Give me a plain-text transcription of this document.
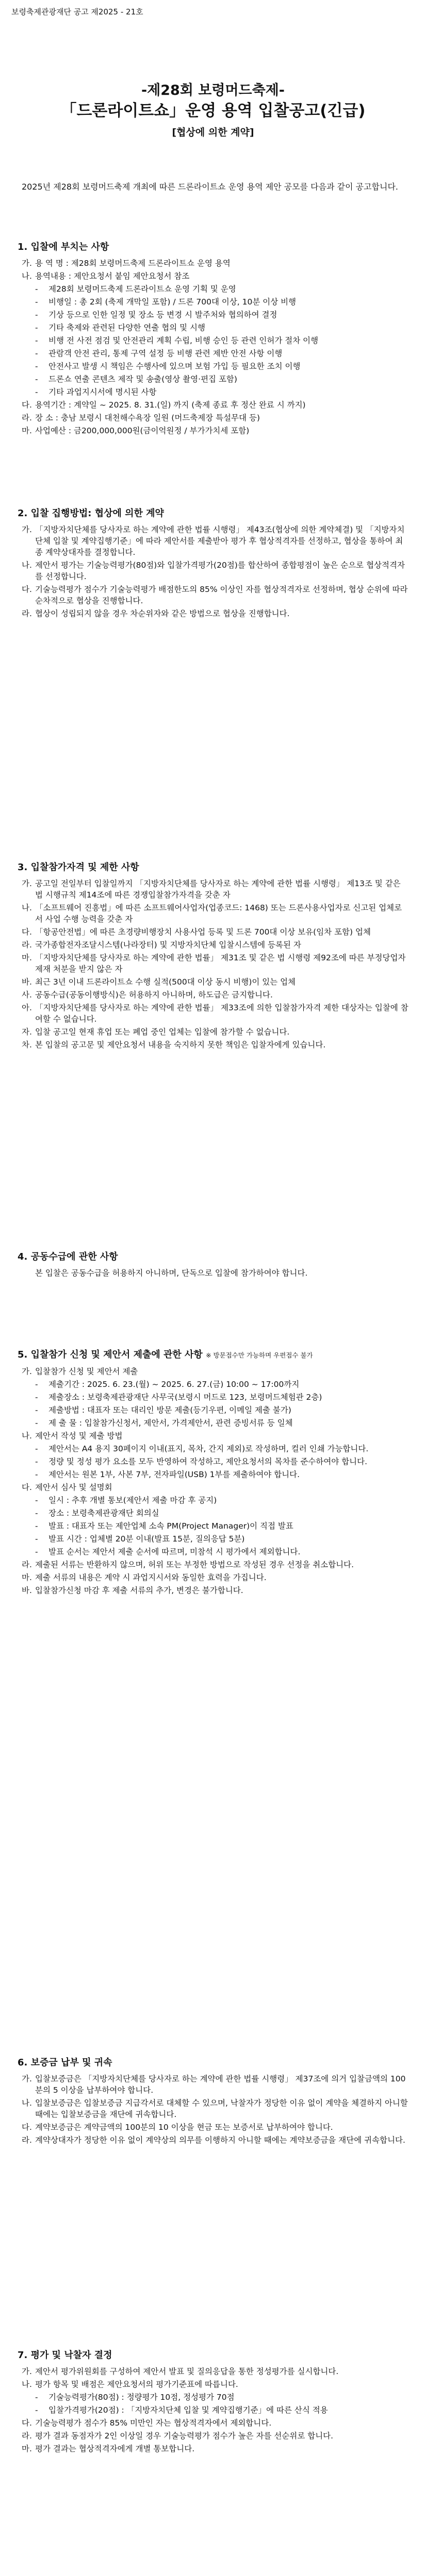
보령축제관광재단 공고 제2025 - 21호
-제28회 보령머드축제-
「드론라이트쇼」운영 용역 입찰공고(긴급)
[협상에 의한 계약]
2025년 제28회 보령머드축제 개최에 따른 드론라이트쇼 운영 용역 제안 공모를 다음과 같이 공고합니다.
1. 입찰에 부치는 사항
가. 용 역 명 : 제28회 보령머드축제 드론라이트쇼 운영 용역
나. 용역내용 : 제안요청서 붙임 제안요청서 참조
- 제28회 보령머드축제 드론라이트쇼 운영 기획 및 운영
- 비행일 : 총 2회 (축제 개막일 포함) / 드론 700대 이상, 10분 이상 비행
- 기상 등으로 인한 일정 및 장소 등 변경 시 발주처와 협의하여 결정
- 기타 축제와 관련된 다양한 연출 협의 및 시행
- 비행 전 사전 점검 및 안전관리 계획 수립, 비행 승인 등 관련 인허가 절차 이행
- 관람객 안전 관리, 통제 구역 설정 등 비행 관련 제반 안전 사항 이행
- 안전사고 발생 시 책임은 수행사에 있으며 보험 가입 등 필요한 조치 이행
- 드론쇼 연출 콘텐츠 제작 및 송출(영상 촬영·편집 포함)
- 기타 과업지시서에 명시된 사항
다. 용역기간 : 계약일 ~ 2025. 8. 31.(일) 까지 (축제 종료 후 정산 완료 시 까지)
라. 장 소 : 충남 보령시 대천해수욕장 일원 (머드축제장 특설무대 등)
마. 사업예산 : 금200,000,000원(금이억원정 / 부가가치세 포함)
2. 입찰 집행방법: 협상에 의한 계약
가. 「지방자치단체를 당사자로 하는 계약에 관한 법률 시행령」 제43조(협상에 의한 계약체결) 및 「지방자치단체 입찰 및 계약집행기준」에 따라 제안서를 제출받아 평가 후 협상적격자를 선정하고, 협상을 통하여 최종 계약상대자를 결정합니다.
나. 제안서 평가는 기술능력평가(80점)와 입찰가격평가(20점)를 합산하여 종합평점이 높은 순으로 협상적격자를 선정합니다.
다. 기술능력평가 점수가 기술능력평가 배점한도의 85% 이상인 자를 협상적격자로 선정하며, 협상 순위에 따라 순차적으로 협상을 진행합니다.
라. 협상이 성립되지 않을 경우 차순위자와 같은 방법으로 협상을 진행합니다.
3. 입찰참가자격 및 제한 사항
가. 공고일 전일부터 입찰일까지 「지방자치단체를 당사자로 하는 계약에 관한 법률 시행령」 제13조 및 같은 법 시행규칙 제14조에 따른 경쟁입찰참가자격을 갖춘 자
나. 「소프트웨어 진흥법」에 따른 소프트웨어사업자(업종코드: 1468) 또는 드론사용사업자로 신고된 업체로서 사업 수행 능력을 갖춘 자
다. 「항공안전법」에 따른 초경량비행장치 사용사업 등록 및 드론 700대 이상 보유(임차 포함) 업체
라. 국가종합전자조달시스템(나라장터) 및 지방자치단체 입찰시스템에 등록된 자
마. 「지방자치단체를 당사자로 하는 계약에 관한 법률」 제31조 및 같은 법 시행령 제92조에 따른 부정당업자 제재 처분을 받지 않은 자
바. 최근 3년 이내 드론라이트쇼 수행 실적(500대 이상 동시 비행)이 있는 업체
사. 공동수급(공동이행방식)은 허용하지 아니하며, 하도급은 금지합니다.
아. 「지방자치단체를 당사자로 하는 계약에 관한 법률」 제33조에 의한 입찰참가자격 제한 대상자는 입찰에 참여할 수 없습니다.
자. 입찰 공고일 현재 휴업 또는 폐업 중인 업체는 입찰에 참가할 수 없습니다.
차. 본 입찰의 공고문 및 제안요청서 내용을 숙지하지 못한 책임은 입찰자에게 있습니다.
4. 공동수급에 관한 사항
본 입찰은 공동수급을 허용하지 아니하며, 단독으로 입찰에 참가하여야 합니다.
5. 입찰참가 신청 및 제안서 제출에 관한 사항 ※ 방문접수만 가능하며 우편접수 불가
가. 입찰참가 신청 및 제안서 제출
- 제출기간 : 2025. 6. 23.(월) ~ 2025. 6. 27.(금) 10:00 ~ 17:00까지
- 제출장소 : 보령축제관광재단 사무국(보령시 머드로 123, 보령머드체험관 2층)
- 제출방법 : 대표자 또는 대리인 방문 제출(등기우편, 이메일 제출 불가)
- 제 출 물 : 입찰참가신청서, 제안서, 가격제안서, 관련 증빙서류 등 일체
나. 제안서 작성 및 제출 방법
- 제안서는 A4 용지 30페이지 이내(표지, 목차, 간지 제외)로 작성하며, 컬러 인쇄 가능합니다.
- 정량 및 정성 평가 요소를 모두 반영하여 작성하고, 제안요청서의 목차를 준수하여야 합니다.
- 제안서는 원본 1부, 사본 7부, 전자파일(USB) 1부를 제출하여야 합니다.
다. 제안서 심사 및 설명회
- 일시 : 추후 개별 통보(제안서 제출 마감 후 공지)
- 장소 : 보령축제관광재단 회의실
- 발표 : 대표자 또는 제안업체 소속 PM(Project Manager)이 직접 발표
- 발표 시간 : 업체별 20분 이내(발표 15분, 질의응답 5분)
- 발표 순서는 제안서 제출 순서에 따르며, 미참석 시 평가에서 제외합니다.
라. 제출된 서류는 반환하지 않으며, 허위 또는 부정한 방법으로 작성된 경우 선정을 취소합니다.
마. 제출 서류의 내용은 계약 시 과업지시서와 동일한 효력을 가집니다.
바. 입찰참가신청 마감 후 제출 서류의 추가, 변경은 불가합니다.
6. 보증금 납부 및 귀속
가. 입찰보증금은 「지방자치단체를 당사자로 하는 계약에 관한 법률 시행령」 제37조에 의거 입찰금액의 100분의 5 이상을 납부하여야 합니다.
나. 입찰보증금은 입찰보증금 지급각서로 대체할 수 있으며, 낙찰자가 정당한 이유 없이 계약을 체결하지 아니할 때에는 입찰보증금을 재단에 귀속합니다.
다. 계약보증금은 계약금액의 100분의 10 이상을 현금 또는 보증서로 납부하여야 합니다.
라. 계약상대자가 정당한 이유 없이 계약상의 의무를 이행하지 아니할 때에는 계약보증금을 재단에 귀속합니다.
7. 평가 및 낙찰자 결정
가. 제안서 평가위원회를 구성하여 제안서 발표 및 질의응답을 통한 정성평가를 실시합니다.
나. 평가 항목 및 배점은 제안요청서의 평가기준표에 따릅니다.
- 기술능력평가(80점) : 정량평가 10점, 정성평가 70점
- 입찰가격평가(20점) : 「지방자치단체 입찰 및 계약집행기준」에 따른 산식 적용
다. 기술능력평가 점수가 85% 미만인 자는 협상적격자에서 제외합니다.
라. 평가 결과 동점자가 2인 이상일 경우 기술능력평가 점수가 높은 자를 선순위로 합니다.
마. 평가 결과는 협상적격자에게 개별 통보합니다.
